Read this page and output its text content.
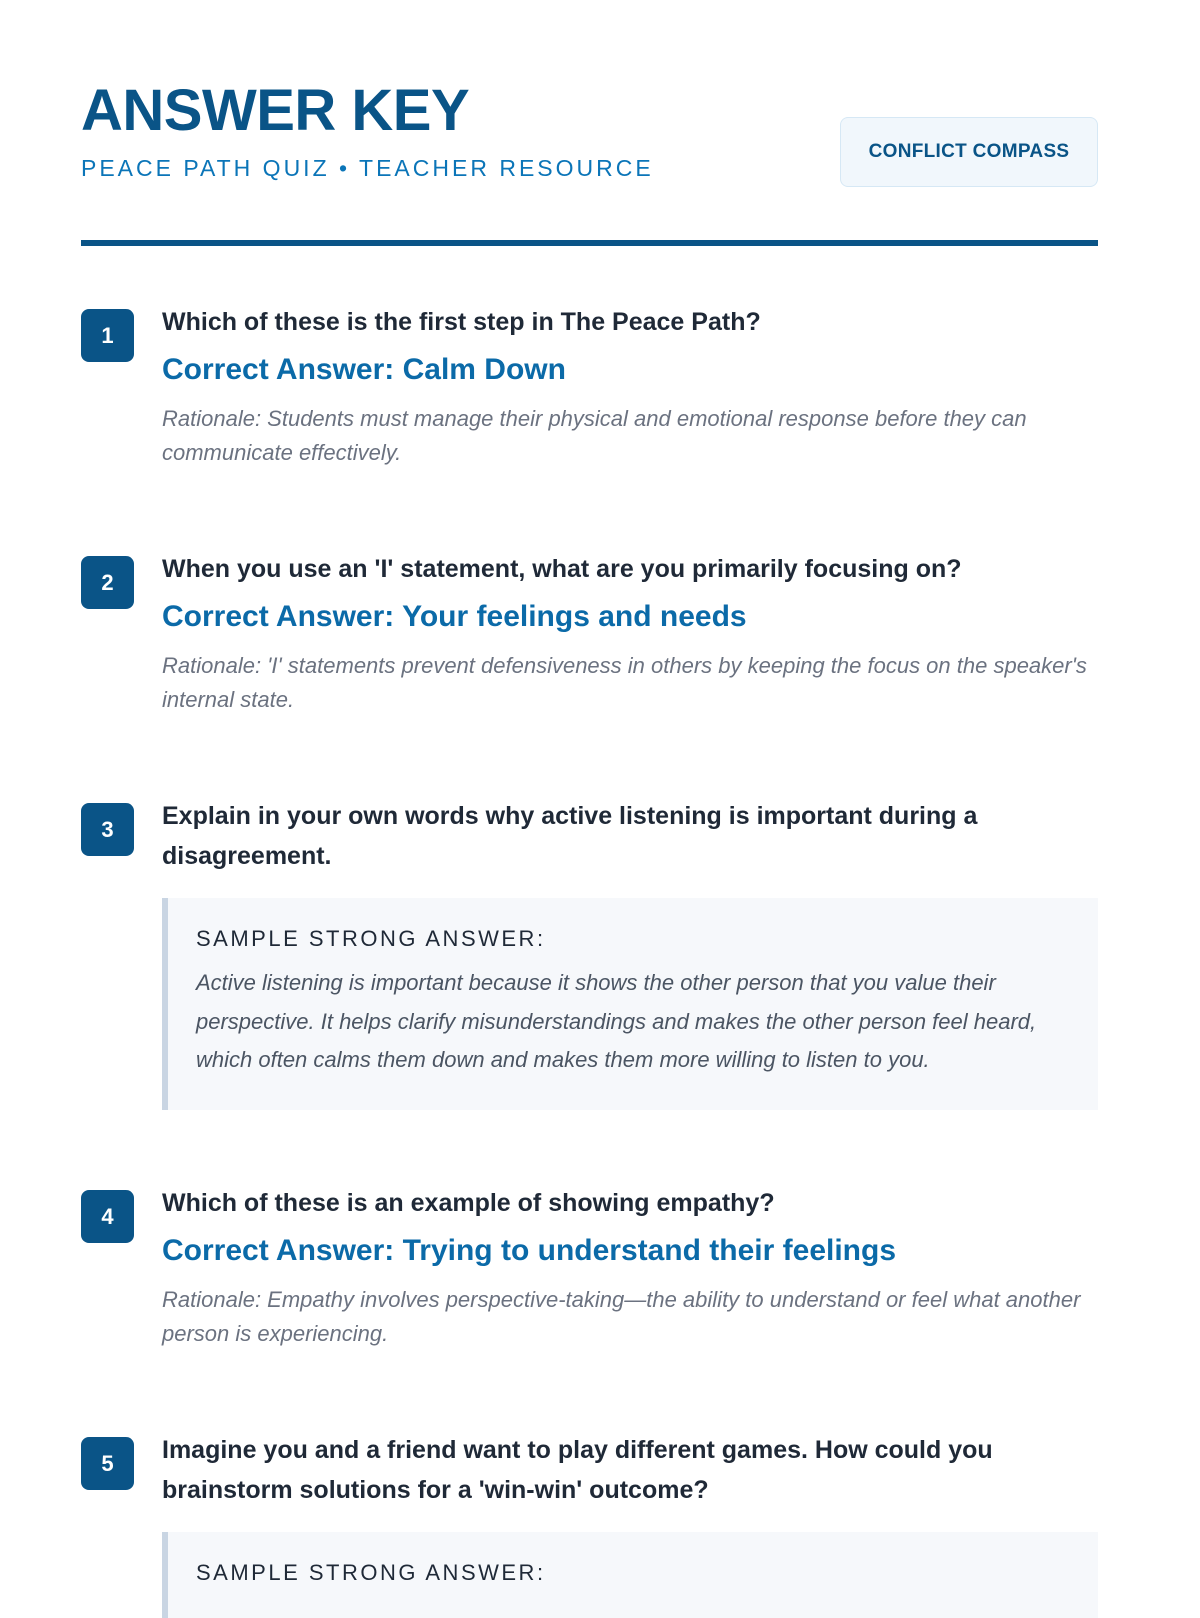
ANSWER KEY
PEACE PATH QUIZ • TEACHER RESOURCE
CONFLICT COMPASS
1	Which of these is the first step in The Peace Path?
Correct Answer: Calm Down
Rationale: Students must manage their physical and emotional response before they can communicate effectively.
2	When you use an 'I' statement, what are you primarily focusing on?
Correct Answer: Your feelings and needs
Rationale: 'I' statements prevent defensiveness in others by keeping the focus on the speaker's internal state.
3	Explain in your own words why active listening is important during a disagreement.
SAMPLE STRONG ANSWER:
Active listening is important because it shows the other person that you value their perspective. It helps clarify misunderstandings and makes the other person feel heard, which often calms them down and makes them more willing to listen to you.
4	Which of these is an example of showing empathy?
Correct Answer: Trying to understand their feelings
Rationale: Empathy involves perspective-taking—the ability to understand or feel what another person is experiencing.
5	Imagine you and a friend want to play different games. How could you brainstorm solutions for a 'win-win' outcome?
SAMPLE STRONG ANSWER:
